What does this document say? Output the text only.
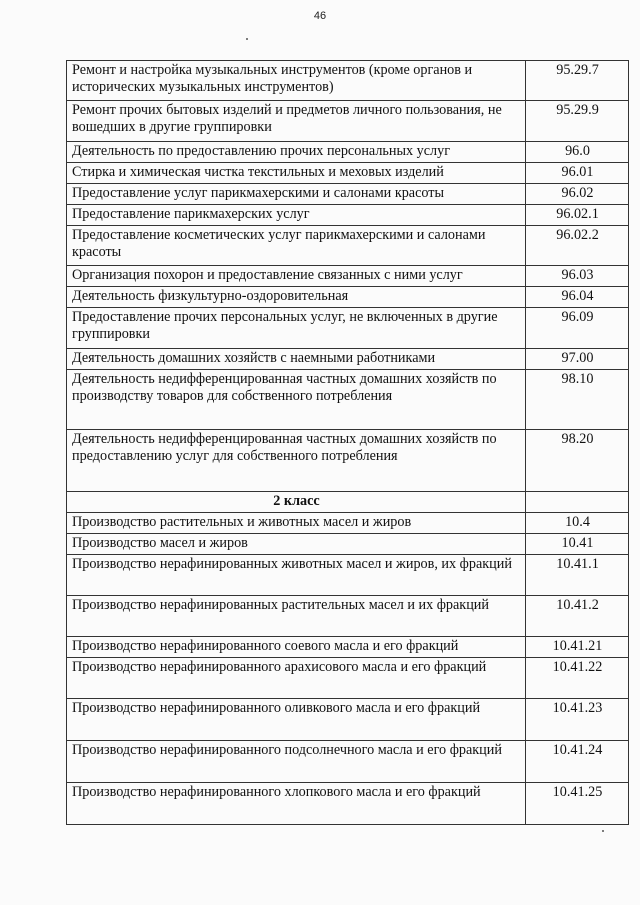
46
Ремонт и настройка музыкальных инструментов (кроме органов и исторических музыкальных инструментов)	95.29.7
Ремонт прочих бытовых изделий и предметов личного пользования, не вошедших в другие группировки	95.29.9
Деятельность по предоставлению прочих персональных услуг	96.0
Стирка и химическая чистка текстильных и меховых изделий	96.01
Предоставление услуг парикмахерскими и салонами красоты	96.02
Предоставление парикмахерских услуг	96.02.1
Предоставление косметических услуг парикмахерскими и салонами красоты	96.02.2
Организация похорон и предоставление связанных с ними услуг	96.03
Деятельность физкультурно-оздоровительная	96.04
Предоставление прочих персональных услуг, не включенных в другие группировки	96.09
Деятельность домашних хозяйств с наемными работниками	97.00
Деятельность недифференцированная частных домашних хозяйств по производству товаров для собственного потребления	98.10
Деятельность недифференцированная частных домашних хозяйств по предоставлению услуг для собственного потребления	98.20
2 класс	
Производство растительных и животных масел и жиров	10.4
Производство масел и жиров	10.41
Производство нерафинированных животных масел и жиров, их фракций	10.41.1
Производство нерафинированных растительных масел и их фракций	10.41.2
Производство нерафинированного соевого масла и его фракций	10.41.21
Производство нерафинированного арахисового масла и его фракций	10.41.22
Производство нерафинированного оливкового масла и его фракций	10.41.23
Производство нерафинированного подсолнечного масла и его фракций	10.41.24
Производство нерафинированного хлопкового масла и его фракций	10.41.25
